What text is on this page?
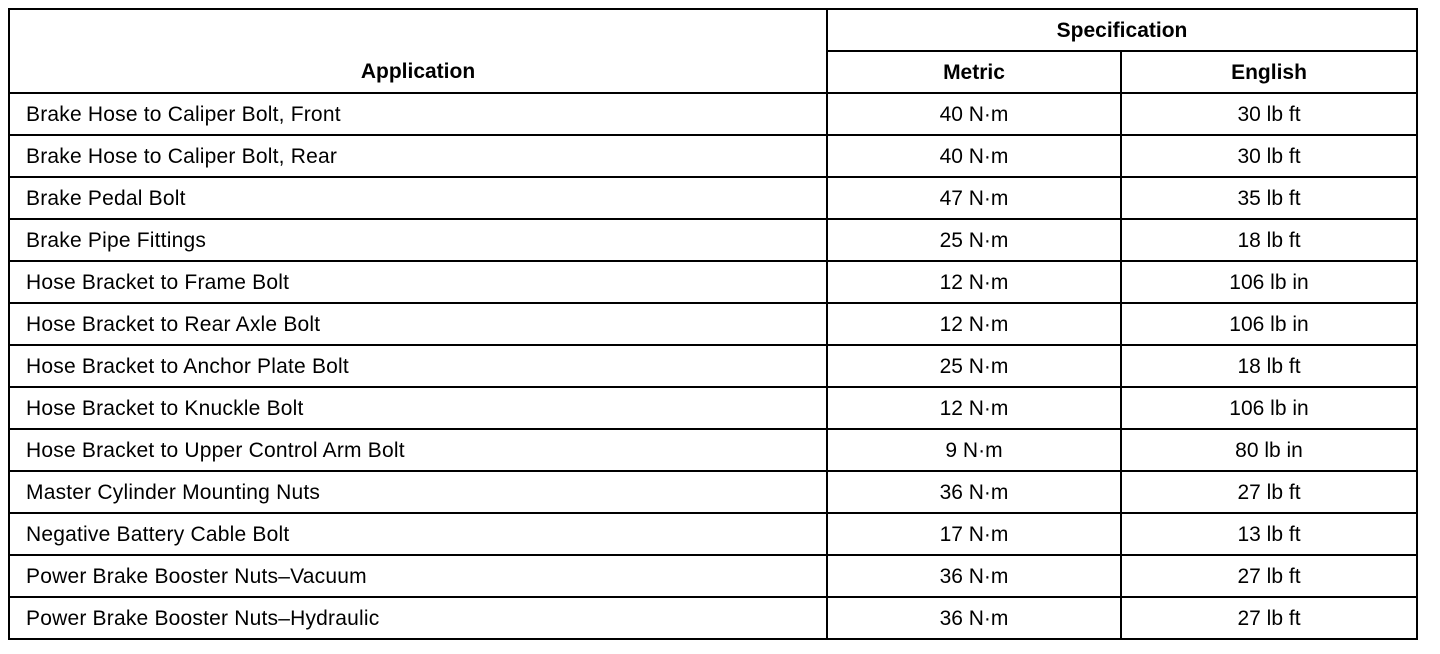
Application	Specification	
	Metric	English
Brake Hose to Caliper Bolt, Front	40 N·m	30 lb ft
Brake Hose to Caliper Bolt, Rear	40 N·m	30 lb ft
Brake Pedal Bolt	47 N·m	35 lb ft
Brake Pipe Fittings	25 N·m	18 lb ft
Hose Bracket to Frame Bolt	12 N·m	106 lb in
Hose Bracket to Rear Axle Bolt	12 N·m	106 lb in
Hose Bracket to Anchor Plate Bolt	25 N·m	18 lb ft
Hose Bracket to Knuckle Bolt	12 N·m	106 lb in
Hose Bracket to Upper Control Arm Bolt	9 N·m	80 lb in
Master Cylinder Mounting Nuts	36 N·m	27 lb ft
Negative Battery Cable Bolt	17 N·m	13 lb ft
Power Brake Booster Nuts–Vacuum	36 N·m	27 lb ft
Power Brake Booster Nuts–Hydraulic	36 N·m	27 lb ft
